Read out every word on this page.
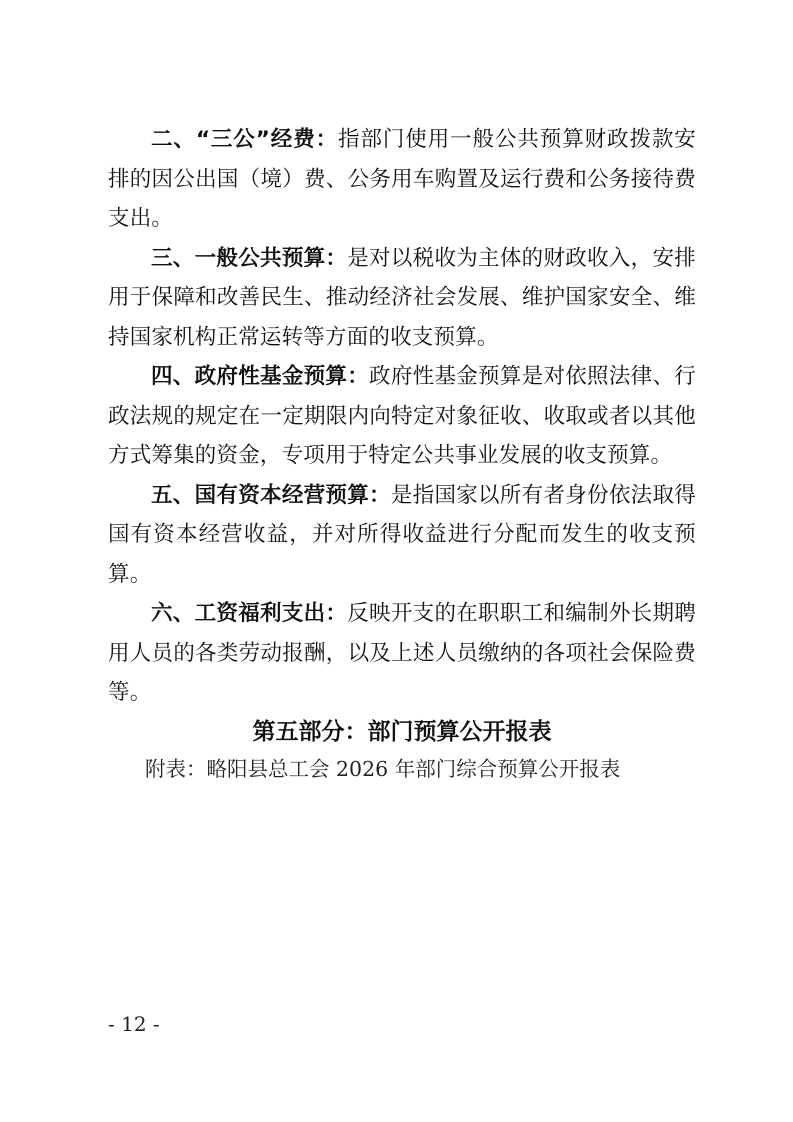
二、“三公”经费：指部门使用一般公共预算财政拨款安排的因公出国（境）费、公务用车购置及运行费和公务接待费支出。

三、一般公共预算：是对以税收为主体的财政收入，安排用于保障和改善民生、推动经济社会发展、维护国家安全、维持国家机构正常运转等方面的收支预算。

四、政府性基金预算：政府性基金预算是对依照法律、行政法规的规定在一定期限内向特定对象征收、收取或者以其他方式筹集的资金，专项用于特定公共事业发展的收支预算。

五、国有资本经营预算：是指国家以所有者身份依法取得国有资本经营收益，并对所得收益进行分配而发生的收支预算。

六、工资福利支出：反映开支的在职职工和编制外长期聘用人员的各类劳动报酬，以及上述人员缴纳的各项社会保险费等。

第五部分：部门预算公开报表

附表：略阳县总工会 2026 年部门综合预算公开报表

- 12 -
